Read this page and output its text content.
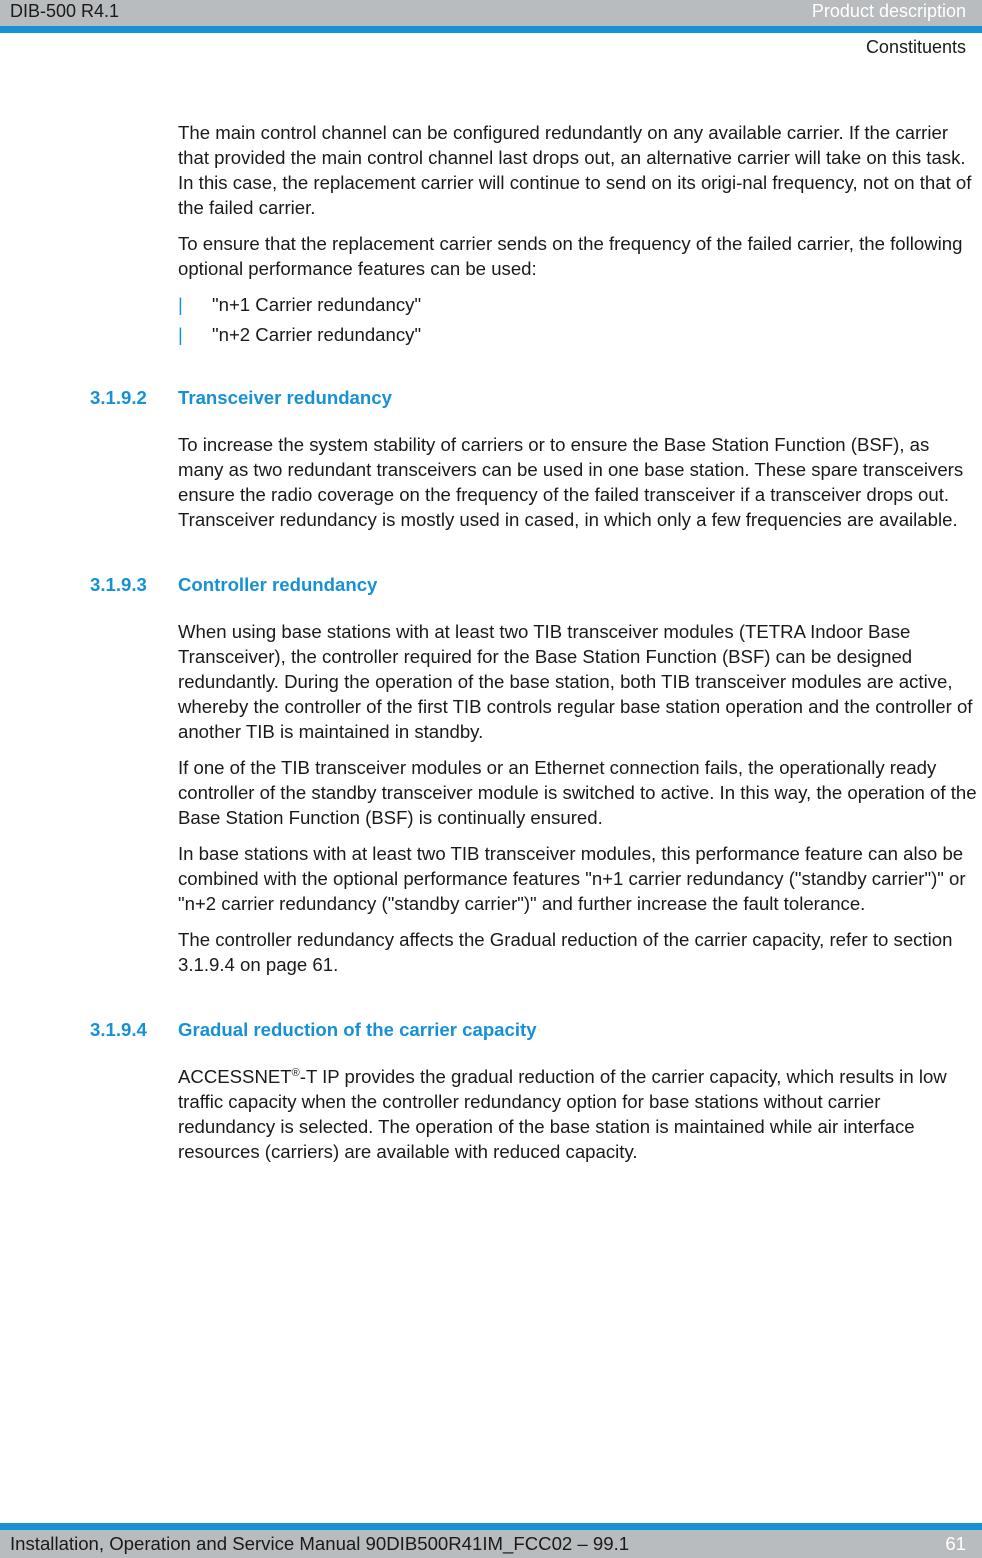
DIB-500 R4.1	Product description
Constituents

The main control channel can be configured redundantly on any available carrier. If the carrier that provided the main control channel last drops out, an alternative carrier will take on this task. In this case, the replacement carrier will continue to send on its origi-nal frequency, not on that of the failed carrier.

To ensure that the replacement carrier sends on the frequency of the failed carrier, the following optional performance features can be used:

| "n+1 Carrier redundancy"
| "n+2 Carrier redundancy"
3.1.9.2 Transceiver redundancy

To increase the system stability of carriers or to ensure the Base Station Function (BSF), as many as two redundant transceivers can be used in one base station. These spare transceivers ensure the radio coverage on the frequency of the failed transceiver if a transceiver drops out. Transceiver redundancy is mostly used in cased, in which only a few frequencies are available.

3.1.9.3 Controller redundancy

When using base stations with at least two TIB transceiver modules (TETRA Indoor Base Transceiver), the controller required for the Base Station Function (BSF) can be designed redundantly. During the operation of the base station, both TIB transceiver modules are active, whereby the controller of the first TIB controls regular base station operation and the controller of another TIB is maintained in standby.

If one of the TIB transceiver modules or an Ethernet connection fails, the operationally ready controller of the standby transceiver module is switched to active. In this way, the operation of the Base Station Function (BSF) is continually ensured.

In base stations with at least two TIB transceiver modules, this performance feature can also be combined with the optional performance features "n+1 carrier redundancy ("standby carrier")" or "n+2 carrier redundancy ("standby carrier")" and further increase the fault tolerance.

The controller redundancy affects the Gradual reduction of the carrier capacity, refer to section 3.1.9.4 on page 61.

3.1.9.4 Gradual reduction of the carrier capacity

ACCESSNET®-T IP provides the gradual reduction of the carrier capacity, which results in low traffic capacity when the controller redundancy option for base stations without carrier redundancy is selected. The operation of the base station is maintained while air interface resources (carriers) are available with reduced capacity.

Installation, Operation and Service Manual 90DIB500R41IM_FCC02 – 99.1	61
